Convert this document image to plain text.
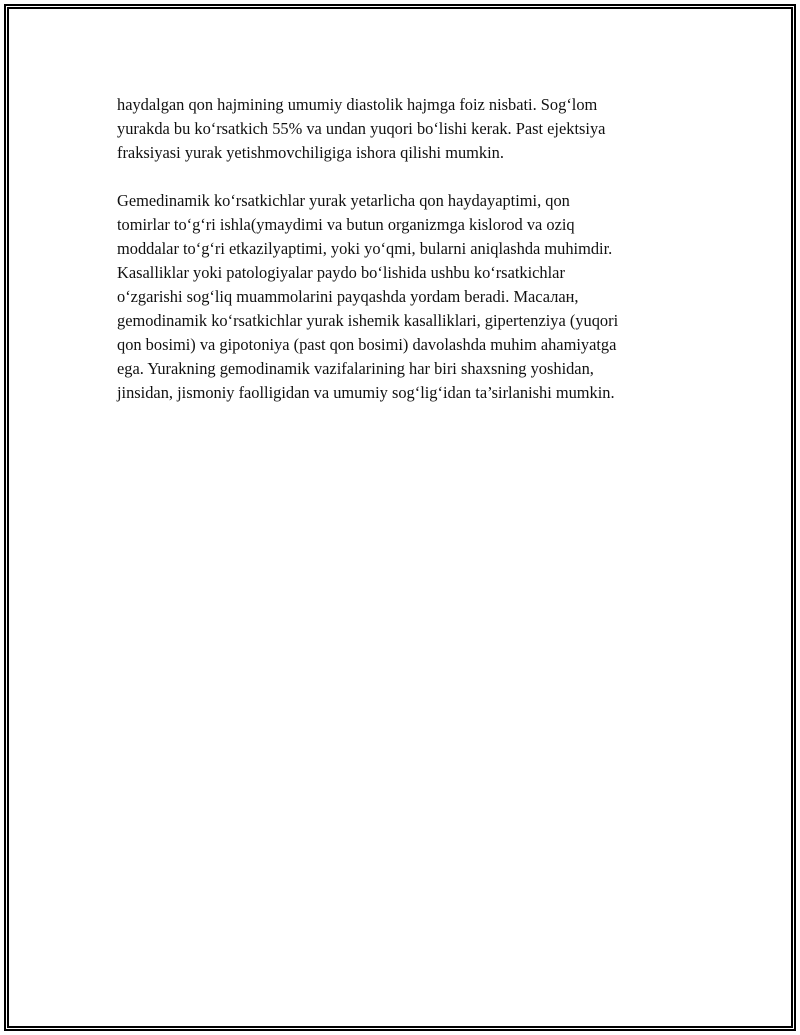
haydalgan qon hajmining umumiy diastolik hajmga foiz nisbati. Sog‘lom
yurakda bu ko‘rsatkich 55% va undan yuqori bo‘lishi kerak. Past ejektsiya
fraksiyasi yurak yetishmovchiligiga ishora qilishi mumkin.

Gemedinamik ko‘rsatkichlar yurak yetarlicha qon haydayaptimi, qon
tomirlar to‘g‘ri ishla(ymaydimi va butun organizmga kislorod va oziq
moddalar to‘g‘ri etkazilyaptimi, yoki yo‘qmi, bularni aniqlashda muhimdir.
Kasalliklar yoki patologiyalar paydo bo‘lishida ushbu ko‘rsatkichlar
o‘zgarishi sog‘liq muammolarini payqashda yordam beradi. Масалан,
gemodinamik ko‘rsatkichlar yurak ishemik kasalliklari, gipertenziya (yuqori
qon bosimi) va gipotoniya (past qon bosimi) davolashda muhim ahamiyatga
ega. Yurakning gemodinamik vazifalarining har biri shaxsning yoshidan,
jinsidan, jismoniy faolligidan va umumiy sog‘lig‘idan ta’sirlanishi mumkin.
